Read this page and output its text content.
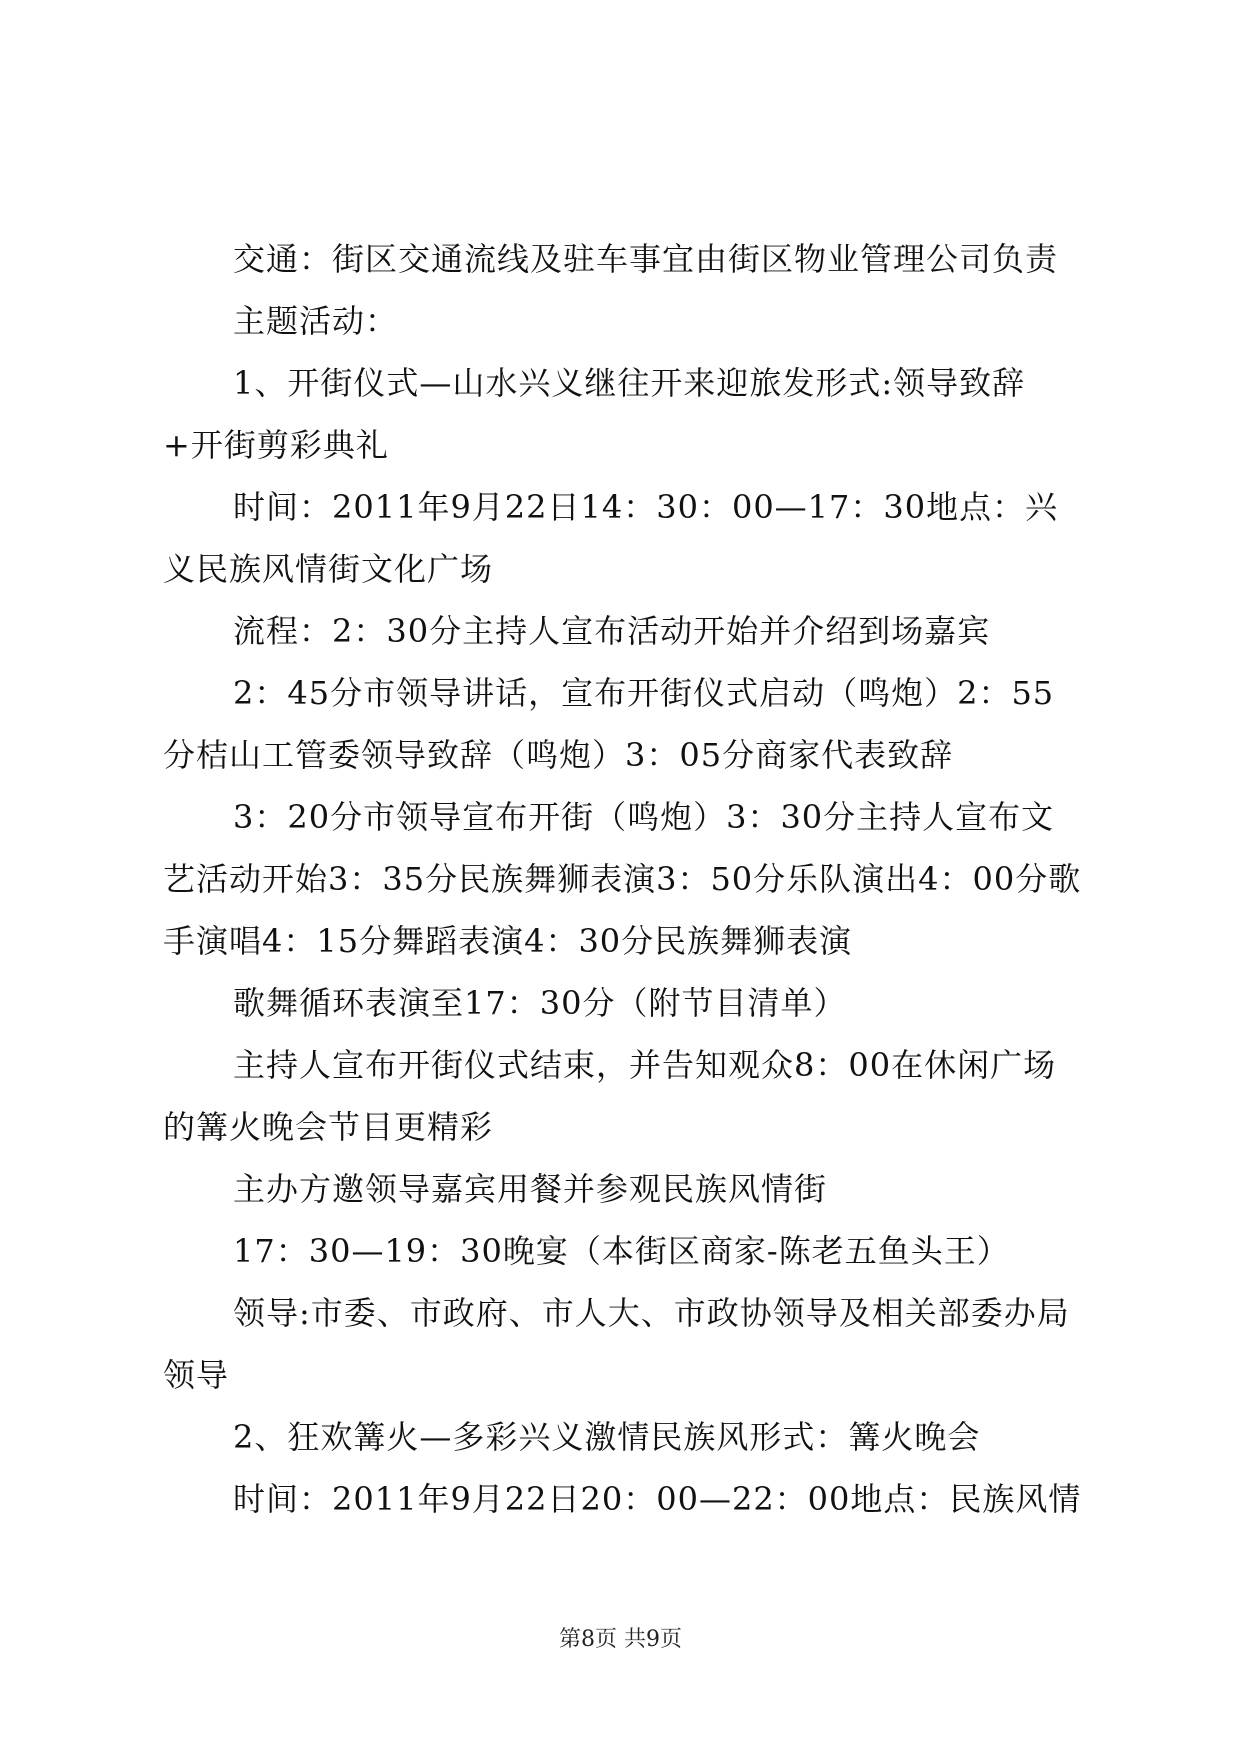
交通：街区交通流线及驻车事宜由街区物业管理公司负责

主题活动：

1、开街仪式—山水兴义继往开来迎旅发形式:领导致辞+开街剪彩典礼

时间：2011年9月22日14：30：00—17：30地点：兴义民族风情街文化广场

流程：2：30分主持人宣布活动开始并介绍到场嘉宾

2：45分市领导讲话，宣布开街仪式启动（鸣炮）2：55分桔山工管委领导致辞（鸣炮）3：05分商家代表致辞

3：20分市领导宣布开街（鸣炮）3：30分主持人宣布文艺活动开始3：35分民族舞狮表演3：50分乐队演出4：00分歌手演唱4：15分舞蹈表演4：30分民族舞狮表演

歌舞循环表演至17：30分（附节目清单）

主持人宣布开街仪式结束，并告知观众8：00在休闲广场的篝火晚会节目更精彩

主办方邀领导嘉宾用餐并参观民族风情街

17：30—19：30晚宴（本街区商家-陈老五鱼头王）

领导:市委、市政府、市人大、市政协领导及相关部委办局领导

2、狂欢篝火—多彩兴义激情民族风形式：篝火晚会

时间：2011年9月22日20：00—22：00地点：民族风情

第8页 共9页
